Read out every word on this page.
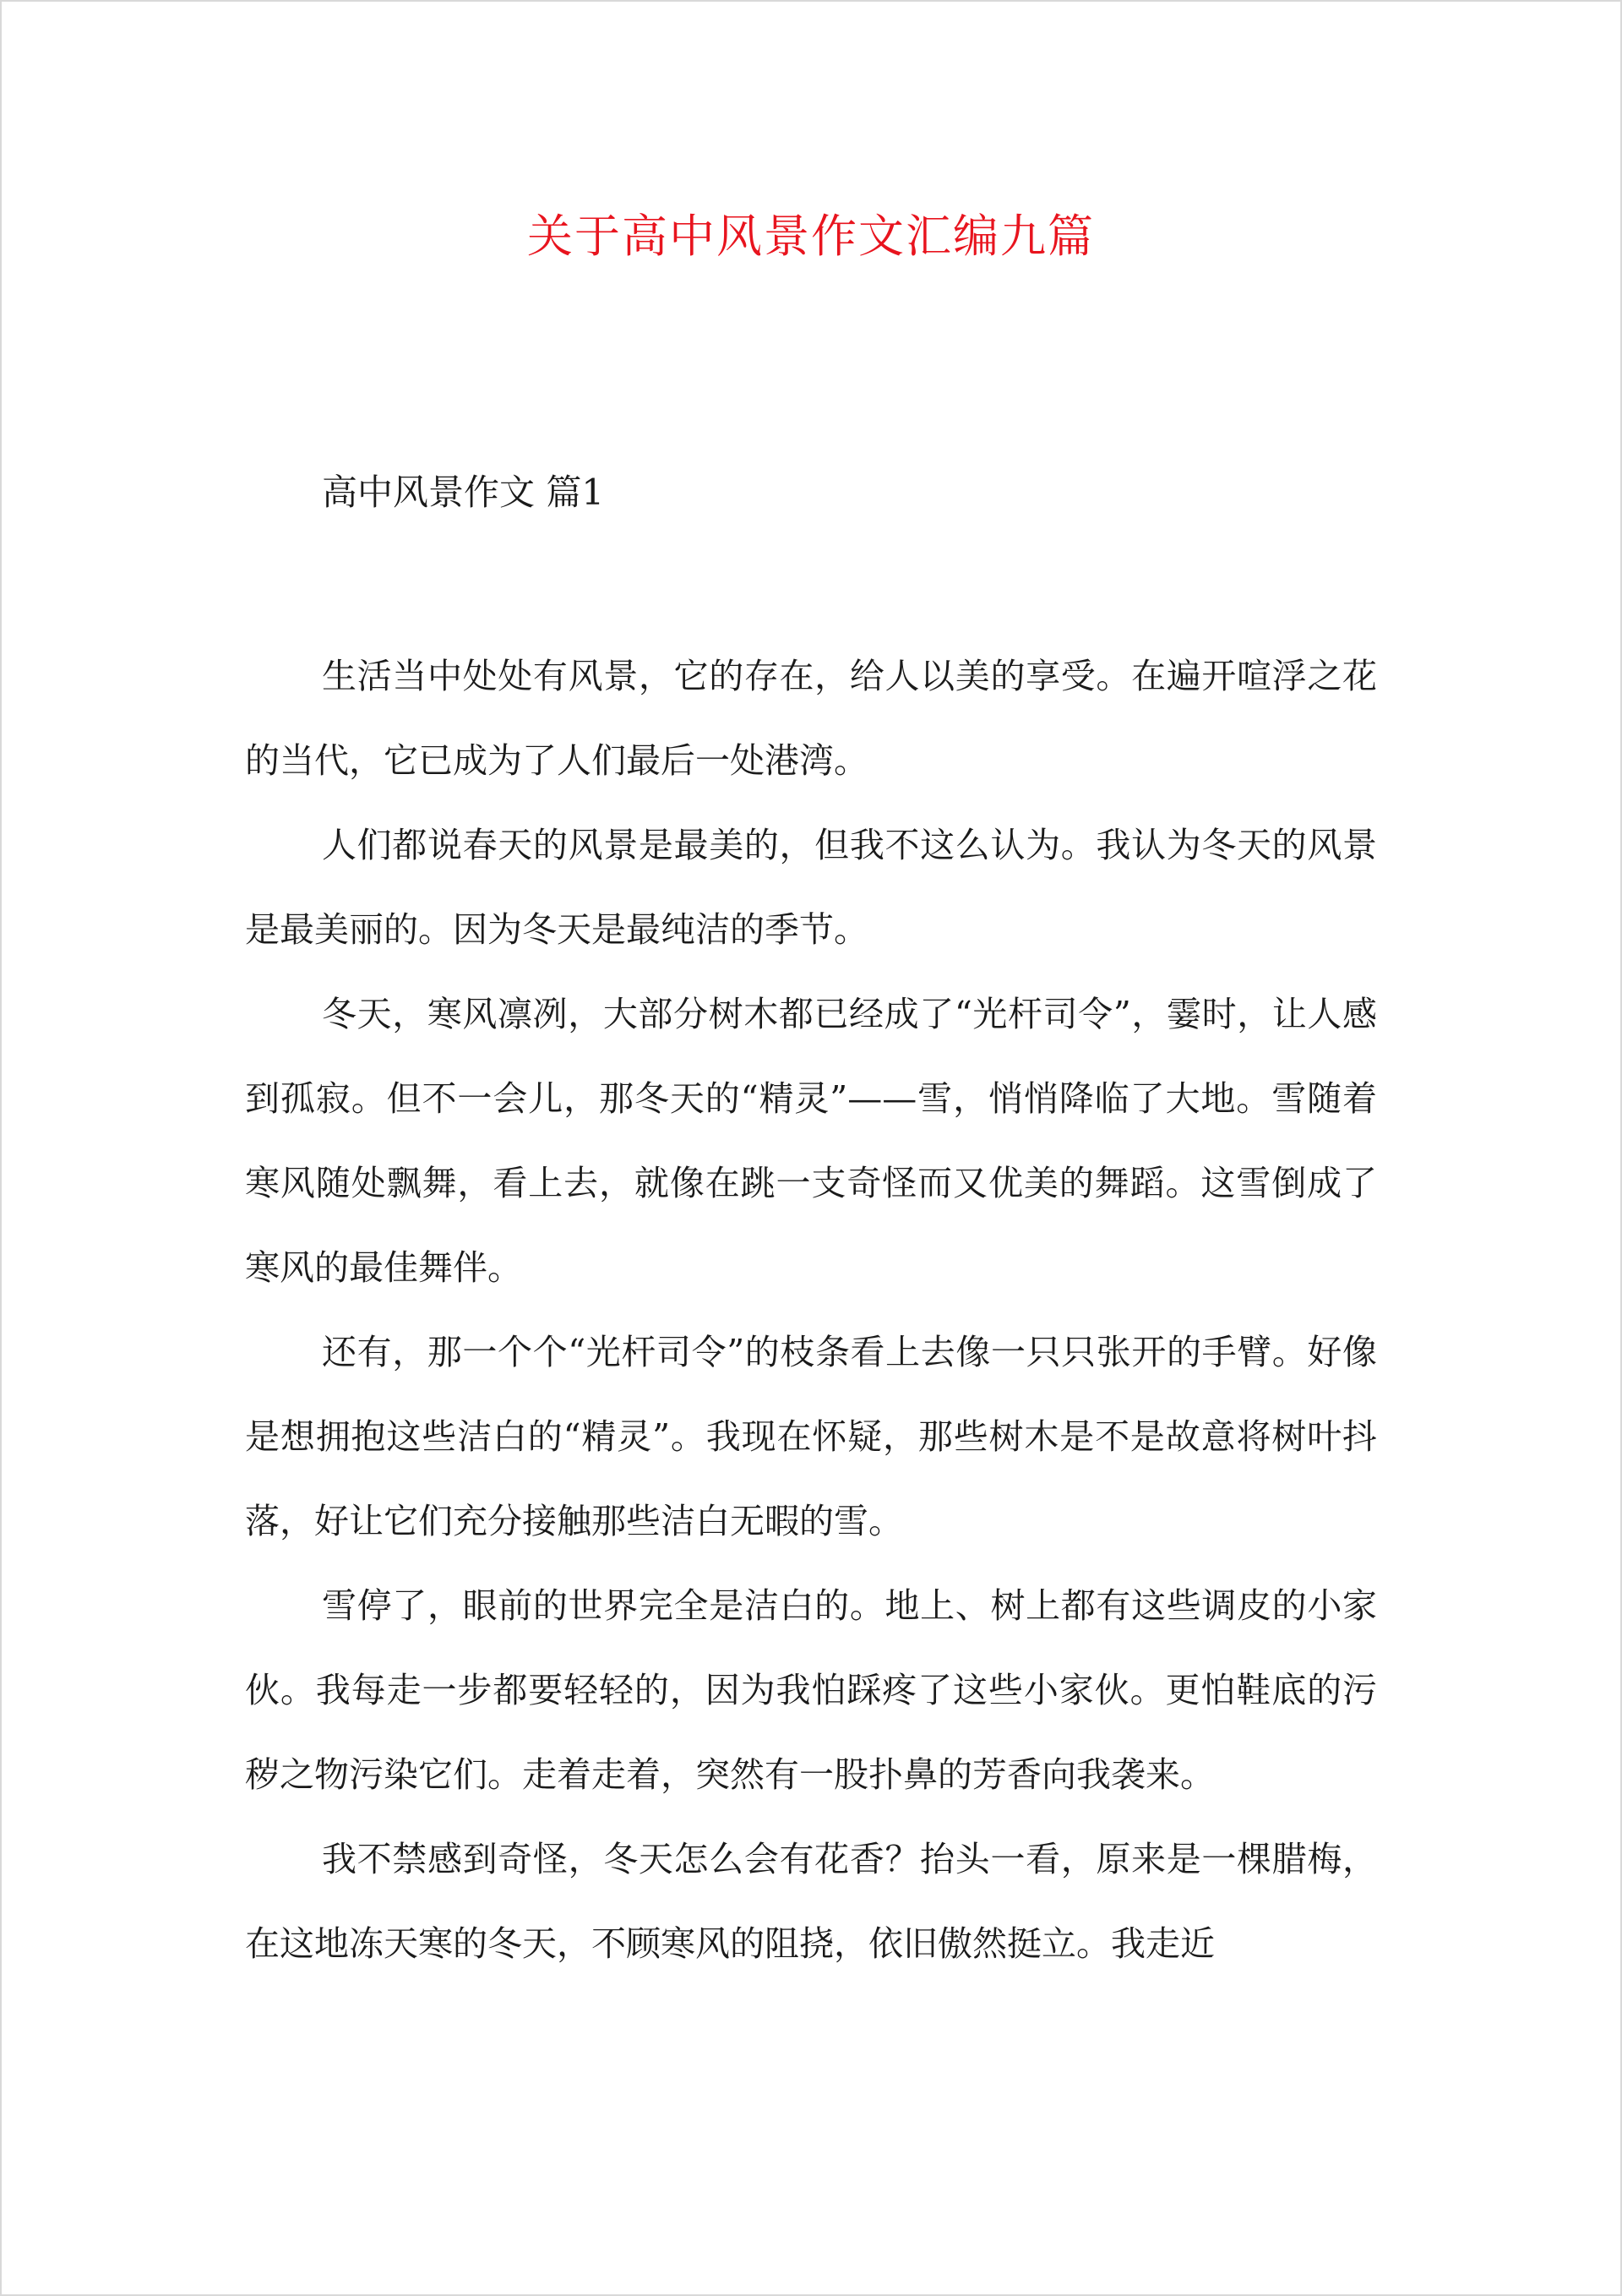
关于高中风景作文汇编九篇
高中风景作文 篇1

生活当中处处有风景，它的存在，给人以美的享受。在遍开喧浮之花的当代，它已成为了人们最后一处港湾。

人们都说春天的风景是最美的，但我不这么认为。我认为冬天的风景是最美丽的。因为冬天是最纯洁的季节。

冬天，寒风凛冽，大部分树木都已经成了“光杆司令”，霎时，让人感到孤寂。但不一会儿，那冬天的“精灵”——雪，悄悄降临了大地。雪随着寒风随处飘舞，看上去，就像在跳一支奇怪而又优美的舞蹈。这雪倒成了寒风的最佳舞伴。

还有，那一个个“光杆司令”的枝条看上去像一只只张开的手臂。好像是想拥抱这些洁白的“精灵”。我现在怀疑，那些树木是不是故意将树叶抖落，好让它们充分接触那些洁白无暇的雪。

雪停了，眼前的世界完全是洁白的。地上、树上都有这些调皮的小家伙。我每走一步都要轻轻的，因为我怕踩疼了这些小家伙。更怕鞋底的污秽之物污染它们。走着走着，突然有一股扑鼻的芳香向我袭来。

我不禁感到奇怪，冬天怎么会有花香？抬头一看，原来是一棵腊梅，在这地冻天寒的冬天，不顾寒风的阻挠，依旧傲然挺立。我走近
